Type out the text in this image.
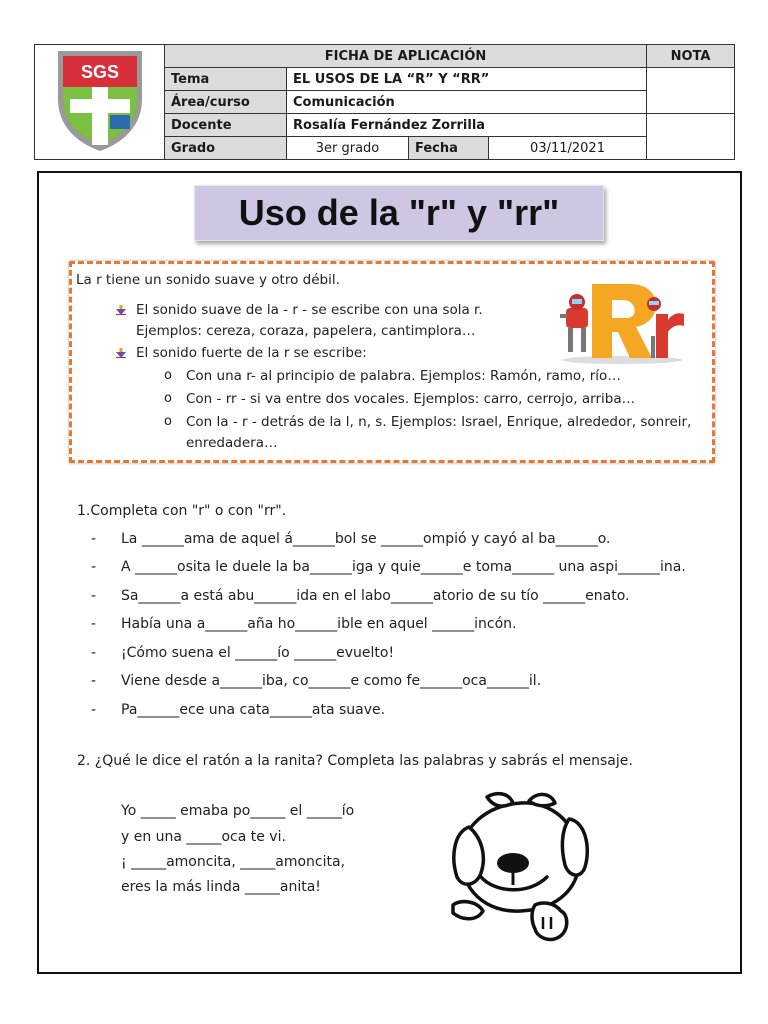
SGS	FICHA DE APLICACIÓN				NOTA
	Tema	EL USOS DE LA “R” Y “RR”			
	Área/curso	Comunicación			
	Docente	Rosalía Fernández Zorrilla			
	Grado	3er grado	Fecha	03/11/2021	
Uso de la "r" y "rr"
La r tiene un sonido suave y otro débil.
El sonido suave de la - r - se escribe con una sola r.
Ejemplos: cereza, coraza, papelera, cantimplora…
El sonido fuerte de la r se escribe:
o Con una r- al principio de palabra. Ejemplos: Ramón, ramo, río…
o Con - rr - si va entre dos vocales. Ejemplos: carro, cerrojo, arriba…
o Con la - r - detrás de la l, n, s. Ejemplos: Israel, Enrique, alrededor, sonreir,
enredadera…
1.Completa con "r" o con "rr".
- La ______ama de aquel á______bol se ______ompió y cayó al ba______o.
- A ______osita le duele la ba______iga y quie______e toma______ una aspi______ina.
- Sa______a está abu______ida en el labo______atorio de su tío ______enato.
- Había una a______aña ho______ible en aquel ______incón.
- ¡Cómo suena el ______ío ______evuelto!
- Viene desde a______iba, co______e como fe______oca______il.
- Pa______ece una cata______ata suave.
2. ¿Qué le dice el ratón a la ranita? Completa las palabras y sabrás el mensaje.
Yo _____ emaba po_____ el _____ío
y en una _____oca te vi.
¡ _____amoncita, _____amoncita,
eres la más linda _____anita!
